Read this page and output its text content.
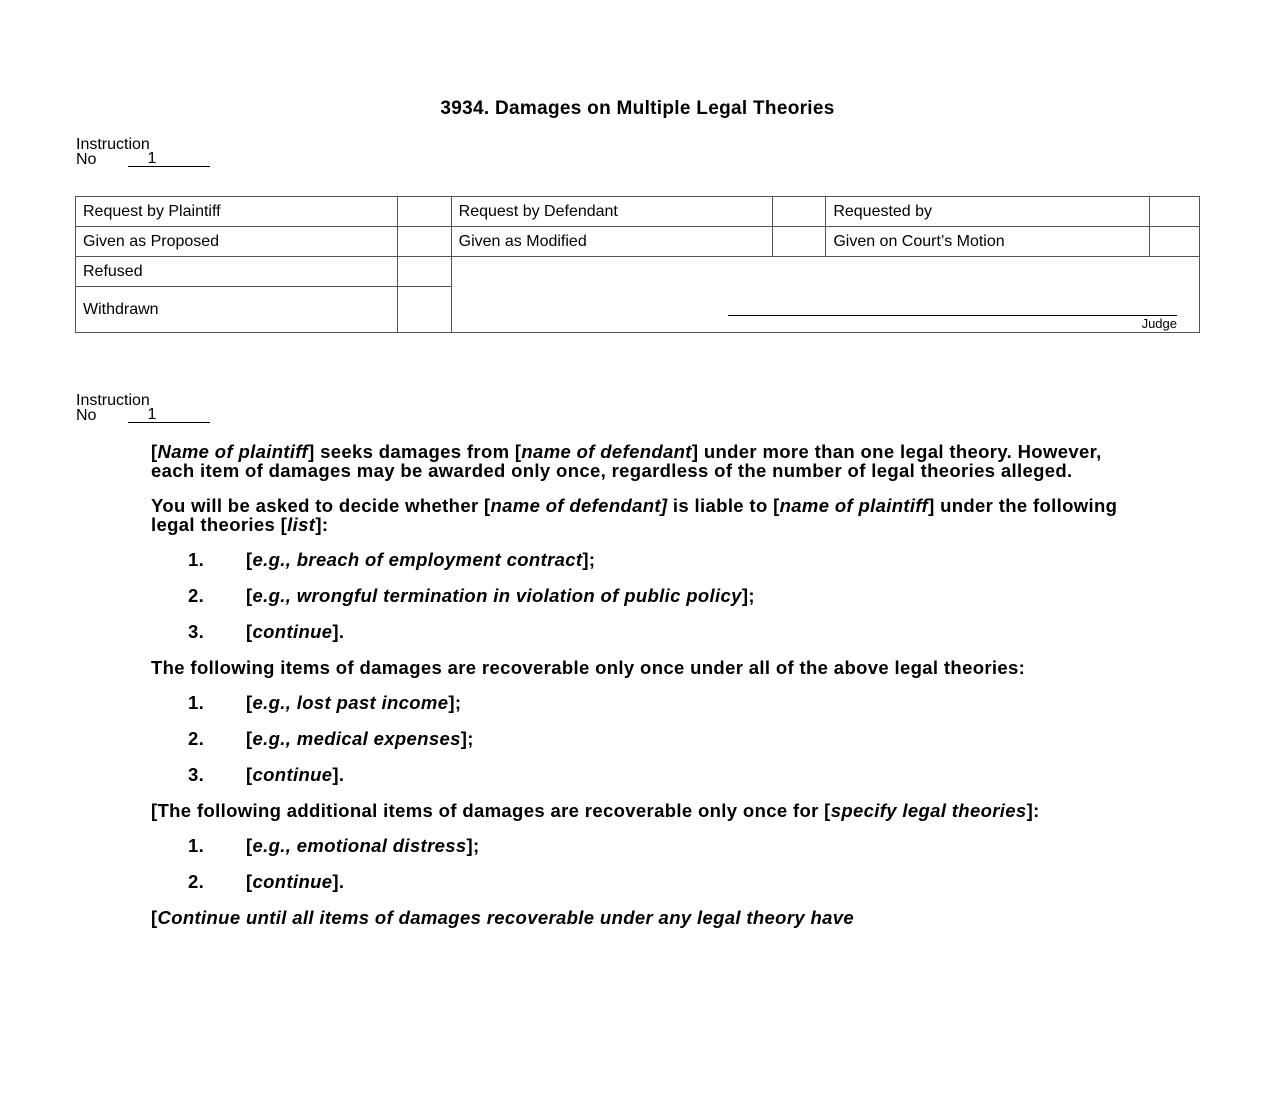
3934. Damages on Multiple Legal Theories
Instruction
No	1
Request by Plaintiff		Request by Defendant		Requested by	
Given as Proposed		Given as Modified		Given on Court’s Motion	
Refused		Judge			

Withdrawn					
Instruction
No	1

[Name of plaintiff] seeks damages from [name of defendant] under more than one legal theory. However, each item of damages may be awarded only once, regardless of the number of legal theories alleged.

You will be asked to decide whether [name of defendant] is liable to [name of plaintiff] under the following legal theories [list]:

1.	[e.g., breach of employment contract];
2.	[e.g., wrongful termination in violation of public policy];
3.	[continue].

The following items of damages are recoverable only once under all of the above legal theories:

1.	[e.g., lost past income];
2.	[e.g., medical expenses];
3.	[continue].

[The following additional items of damages are recoverable only once for [specify legal theories]:

1.	[e.g., emotional distress];
2.	[continue].

[Continue until all items of damages recoverable under any legal theory have
